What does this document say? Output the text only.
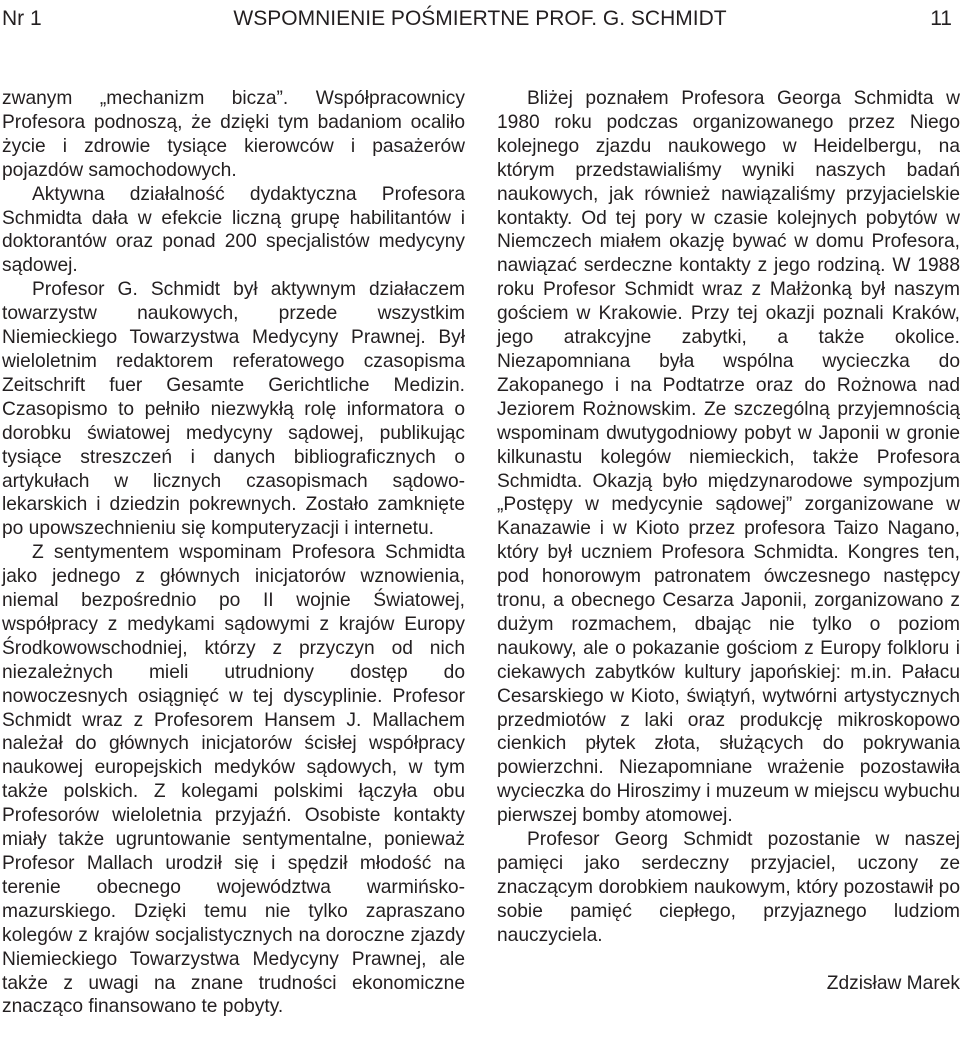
Nr 1	WSPOMNIENIE POŚMIERTNE PROF. G. SCHMIDT	11

zwanym „mechanizm bicza”. Współpracownicy Profesora podnoszą, że dzięki tym badaniom ocaliło życie i zdrowie tysiące kierowców i pasażerów pojazdów samochodowych.

Aktywna działalność dydaktyczna Profesora Schmidta dała w efekcie liczną grupę habilitantów i doktorantów oraz ponad 200 specjalistów medycyny sądowej.

Profesor G. Schmidt był aktywnym działaczem towarzystw naukowych, przede wszystkim Niemieckiego Towarzystwa Medycyny Prawnej. Był wieloletnim redaktorem referatowego czasopisma Zeitschrift fuer Gesamte Gerichtliche Medizin. Czasopismo to pełniło niezwykłą rolę informatora o dorobku światowej medycyny sądowej, publikując tysiące streszczeń i danych bibliograficznych o artykułach w licznych czasopismach sądowo-lekarskich i dziedzin pokrewnych. Zostało zamknięte po upowszechnieniu się komputeryzacji i internetu.

Z sentymentem wspominam Profesora Schmidta jako jednego z głównych inicjatorów wznowienia, niemal bezpośrednio po II wojnie Światowej, współpracy z medykami sądowymi z krajów Europy Środkowowschodniej, którzy z przyczyn od nich niezależnych mieli utrudniony dostęp do nowoczesnych osiągnięć w tej dyscyplinie. Profesor Schmidt wraz z Profesorem Hansem J. Mallachem należał do głównych inicjatorów ścisłej współpracy naukowej europejskich medyków sądowych, w tym także polskich. Z kolegami polskimi łączyła obu Profesorów wieloletnia przyjaźń. Osobiste kontakty miały także ugruntowanie sentymentalne, ponieważ Profesor Mallach urodził się i spędził młodość na terenie obecnego województwa warmińsko-mazurskiego. Dzięki temu nie tylko zapraszano kolegów z krajów socjalistycznych na doroczne zjazdy Niemieckiego Towarzystwa Medycyny Prawnej, ale także z uwagi na znane trudności ekonomiczne znacząco finansowano te pobyty.

Bliżej poznałem Profesora Georga Schmidta w 1980 roku podczas organizowanego przez Niego kolejnego zjazdu naukowego w Heidelbergu, na którym przedstawialiśmy wyniki naszych badań naukowych, jak również nawiązaliśmy przyjacielskie kontakty. Od tej pory w czasie kolejnych pobytów w Niemczech miałem okazję bywać w domu Profesora, nawiązać serdeczne kontakty z jego rodziną. W 1988 roku Profesor Schmidt wraz z Małżonką był naszym gościem w Krakowie. Przy tej okazji poznali Kraków, jego atrakcyjne zabytki, a także okolice. Niezapomniana była wspólna wycieczka do Zakopanego i na Podtatrze oraz do Rożnowa nad Jeziorem Rożnowskim. Ze szczególną przyjemnością wspominam dwutygodniowy pobyt w Japonii w gronie kilkunastu kolegów niemieckich, także Profesora Schmidta. Okazją było międzynarodowe sympozjum „Postępy w medycynie sądowej” zorganizowane w Kanazawie i w Kioto przez profesora Taizo Nagano, który był uczniem Profesora Schmidta. Kongres ten, pod honorowym patronatem ówczesnego następcy tronu, a obecnego Cesarza Japonii, zorganizowano z dużym rozmachem, dbając nie tylko o poziom naukowy, ale o pokazanie gościom z Europy folkloru i ciekawych zabytków kultury japońskiej: m.in. Pałacu Cesarskiego w Kioto, świątyń, wytwórni artystycznych przedmiotów z laki oraz produkcję mikroskopowo cienkich płytek złota, służących do pokrywania powierzchni. Niezapomniane wrażenie pozostawiła wycieczka do Hiroszimy i muzeum w miejscu wybuchu pierwszej bomby atomowej.

Profesor Georg Schmidt pozostanie w naszej pamięci jako serdeczny przyjaciel, uczony ze znaczącym dorobkiem naukowym, który pozostawił po sobie pamięć ciepłego, przyjaznego ludziom nauczyciela.

Zdzisław Marek
